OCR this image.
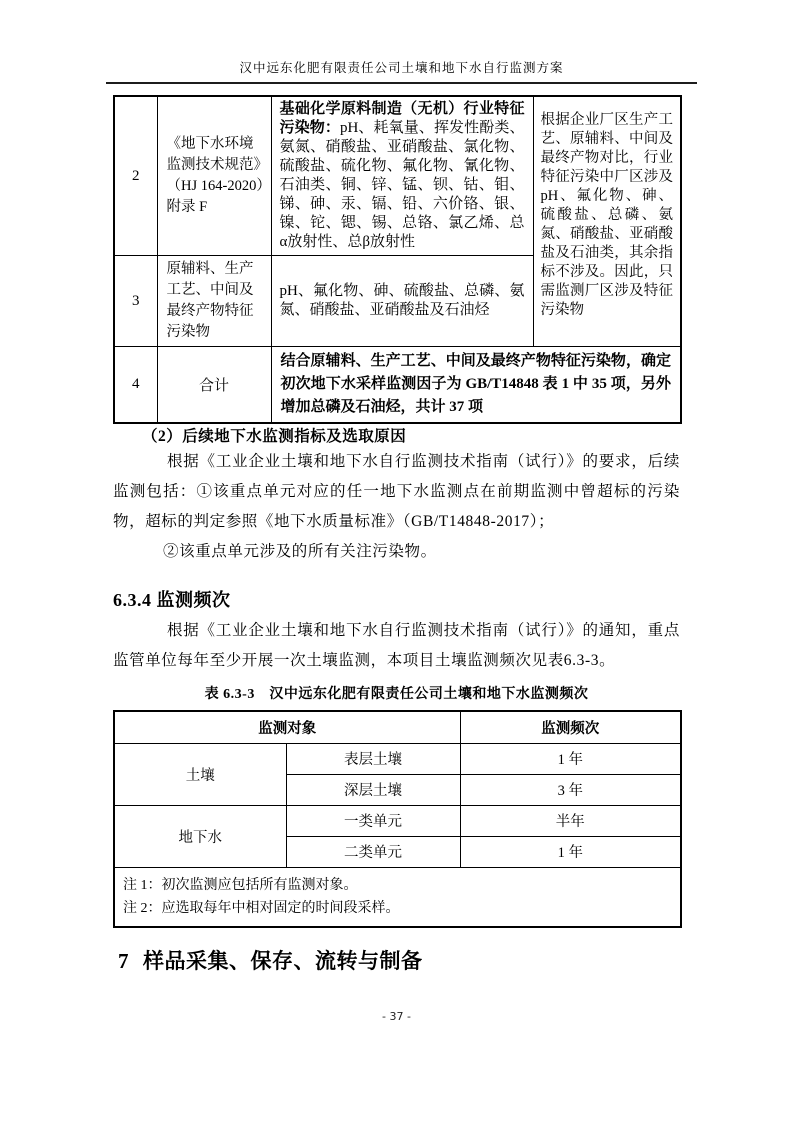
汉中远东化肥有限责任公司土壤和地下水自行监测方案
2	《地下水环境监测技术规范》（HJ 164-2020）附录 F	基础化学原料制造（无机）行业特征污染物：pH、耗氧量、挥发性酚类、氨氮、硝酸盐、亚硝酸盐、氯化物、硫酸盐、硫化物、氟化物、氰化物、石油类、铜、锌、锰、钡、钴、钼、锑、砷、汞、镉、铅、六价铬、银、镍、铊、锶、锡、总铬、氯乙烯、总α放射性、总β放射性	根据企业厂区生产工艺、原辅料、中间及最终产物对比，行业特征污染中厂区涉及pH、氟化物、砷、硫酸盐、总磷、氨氮、硝酸盐、亚硝酸盐及石油类，其余指标不涉及。因此，只需监测厂区涉及特征污染物
3	原辅料、生产工艺、中间及最终产物特征污染物	pH、氟化物、砷、硫酸盐、总磷、氨氮、硝酸盐、亚硝酸盐及石油烃	
4	合计	结合原辅料、生产工艺、中间及最终产物特征污染物，确定初次地下水采样监测因子为 GB/T14848 表 1 中 35 项，另外增加总磷及石油烃，共计 37 项	
（2）后续地下水监测指标及选取原因

根据《工业企业土壤和地下水自行监测技术指南（试行）》的要求，后续监测包括：①该重点单元对应的任一地下水监测点在前期监测中曾超标的污染物，超标的判定参照《地下水质量标准》（GB/T14848-2017）；

②该重点单元涉及的所有关注污染物。

6.3.4 监测频次

根据《工业企业土壤和地下水自行监测技术指南（试行）》的通知，重点监管单位每年至少开展一次土壤监测，本项目土壤监测频次见表6.3-3。

表 6.3-3　汉中远东化肥有限责任公司土壤和地下水监测频次
监测对象		监测频次
土壤	表层土壤	1 年
	深层土壤	3 年
地下水	一类单元	半年
	二类单元	1 年

注 1：初次监测应包括所有监测对象。
注 2：应选取每年中相对固定的时间段采样。		
7 样品采集、保存、流转与制备
- 37 -
